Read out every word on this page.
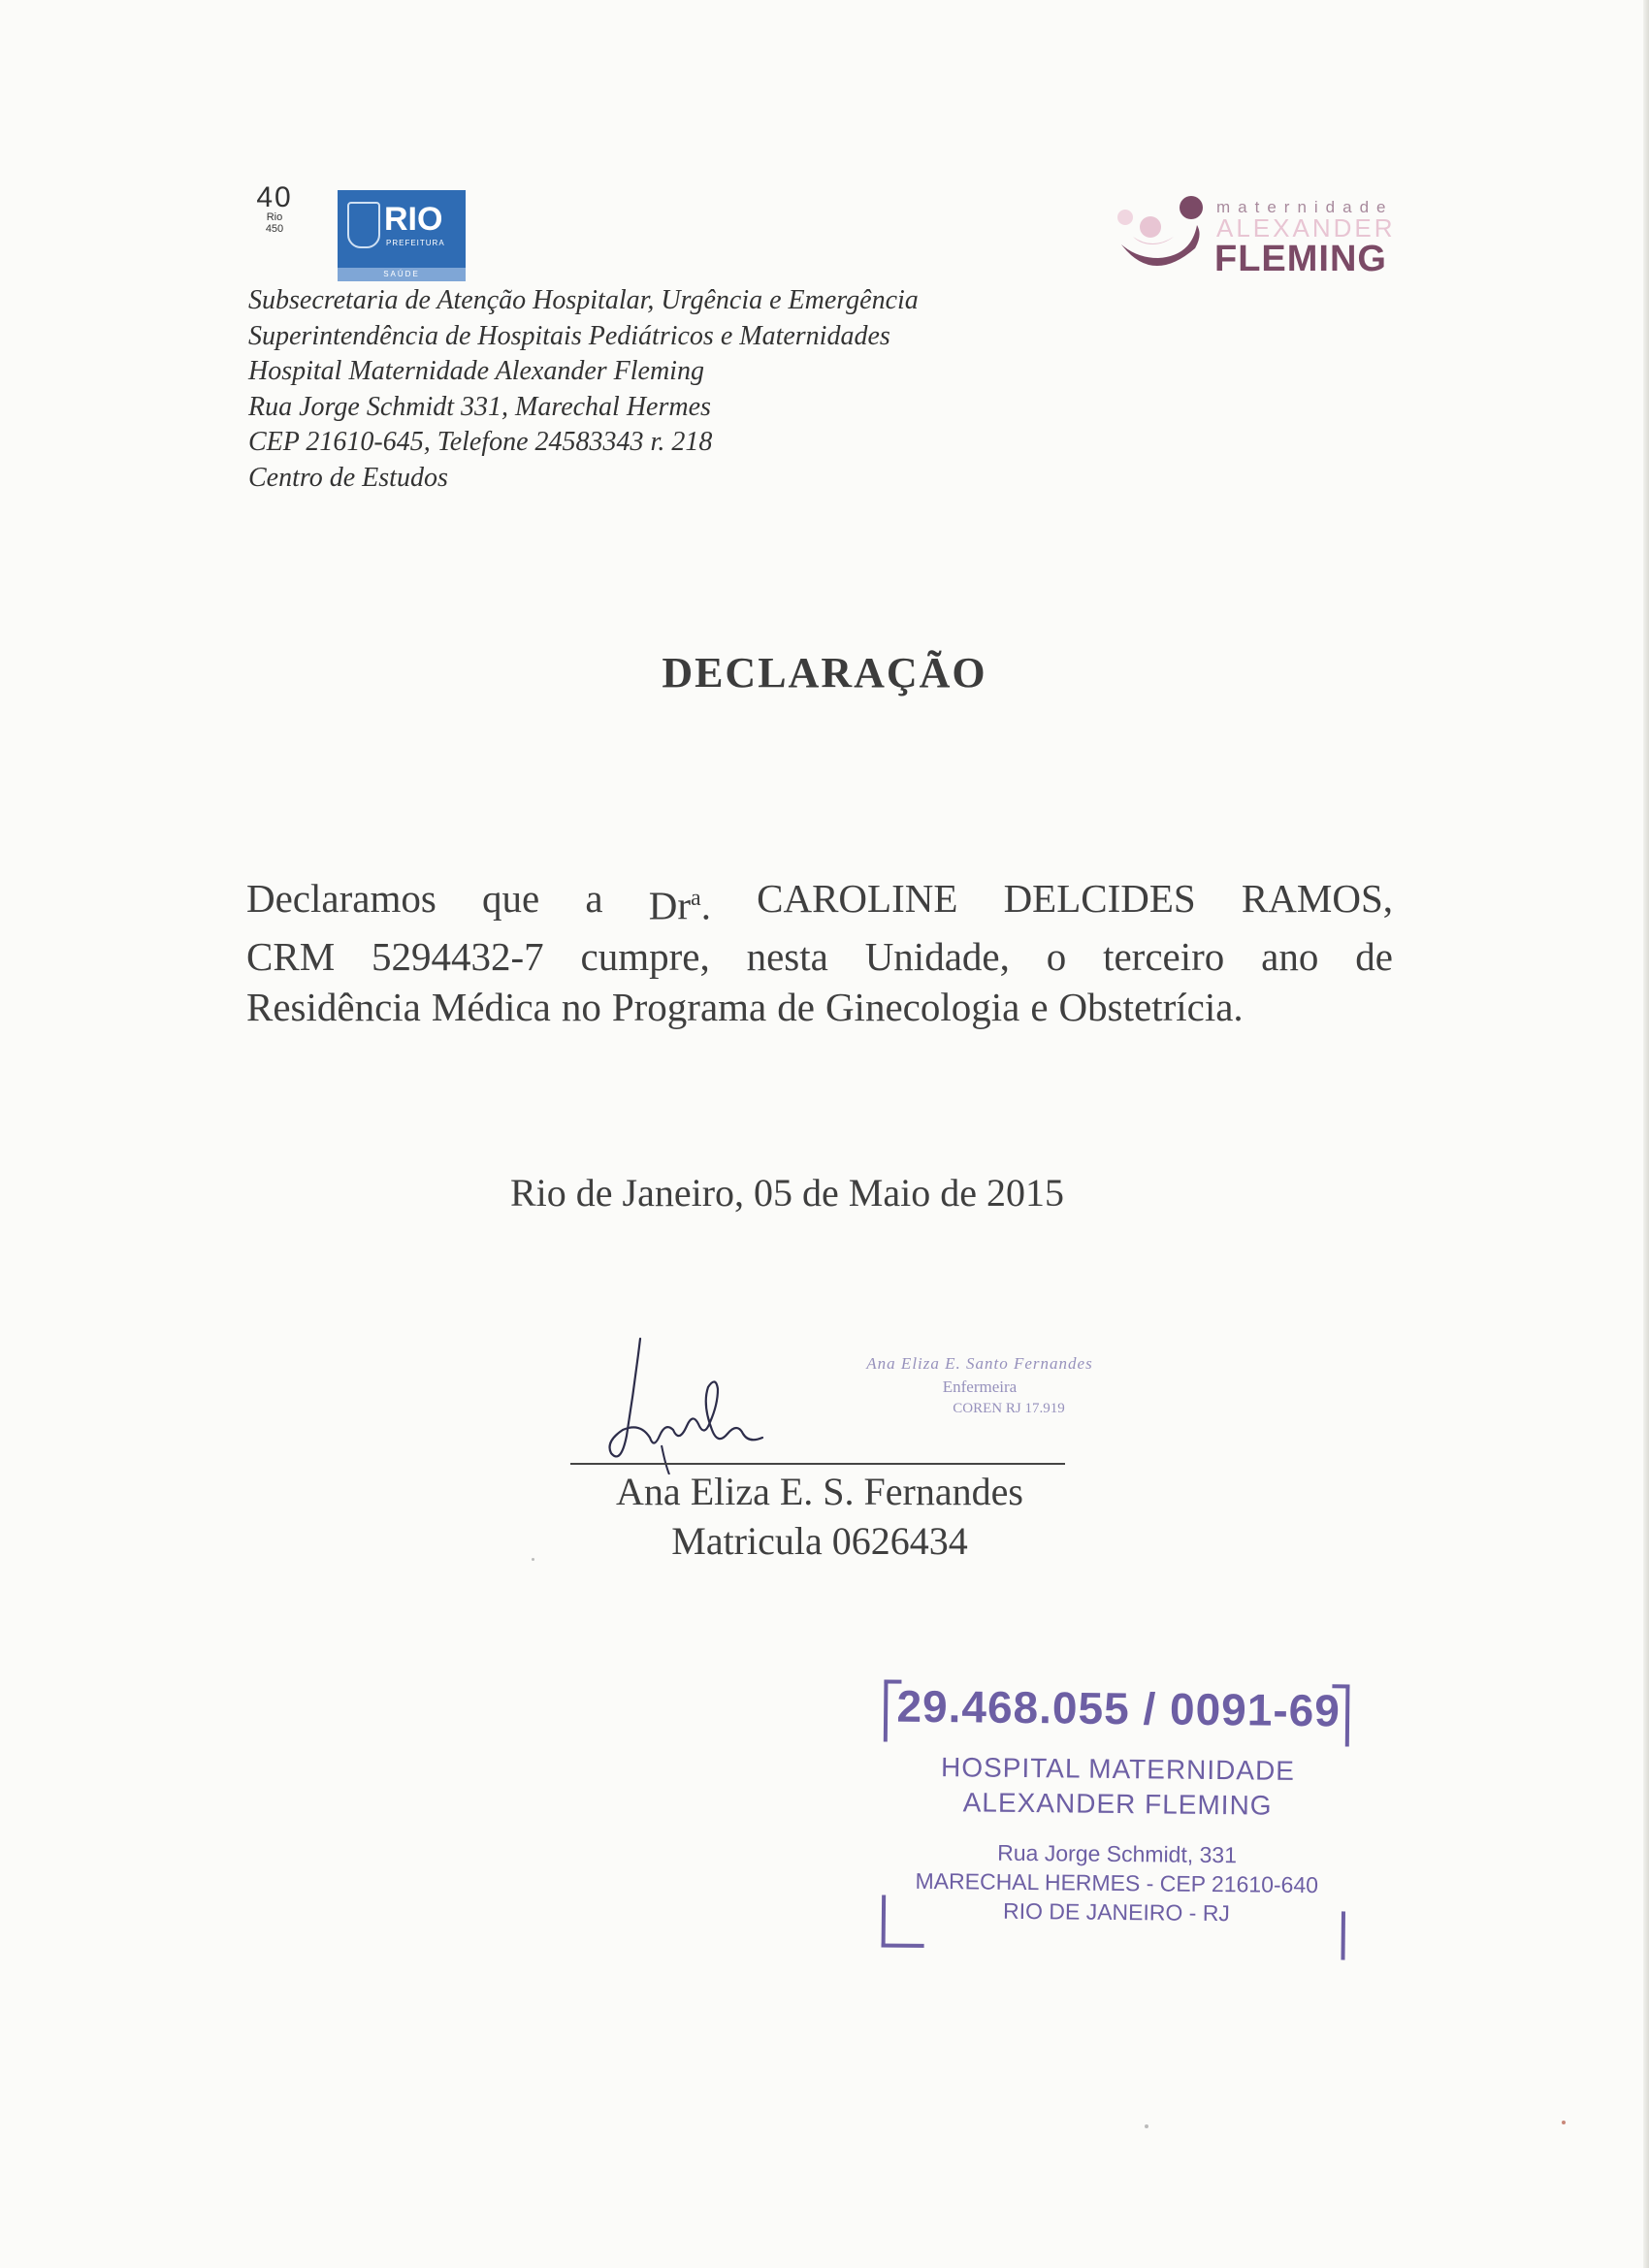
40
Rio
450	RIO
PREFEITURA
SAÚDE
maternidade
ALEXANDER
FLEMING
Subsecretaria de Atenção Hospitalar, Urgência e Emergência
Superintendência de Hospitais Pediátricos e Maternidades
Hospital Maternidade Alexander Fleming
Rua Jorge Schmidt 331, Marechal Hermes
CEP 21610-645, Telefone 24583343 r. 218
Centro de Estudos
DECLARAÇÃO
Declaramos que a Dr$^a$. CAROLINE DELCIDES RAMOS,
CRM 5294432-7 cumpre, nesta Unidade, o terceiro ano de
Residência Médica no Programa de Ginecologia e Obstetrícia.
Rio de Janeiro, 05 de Maio de 2015
Ana Eliza E. Santo Fernandes
Enfermeira
COREN RJ 17.919
Ana Eliza E. S. Fernandes
Matricula 0626434
29.468.055 / 0091-69
HOSPITAL MATERNIDADE
ALEXANDER FLEMING
Rua Jorge Schmidt, 331
MARECHAL HERMES - CEP 21610-640
RIO DE JANEIRO - RJ
